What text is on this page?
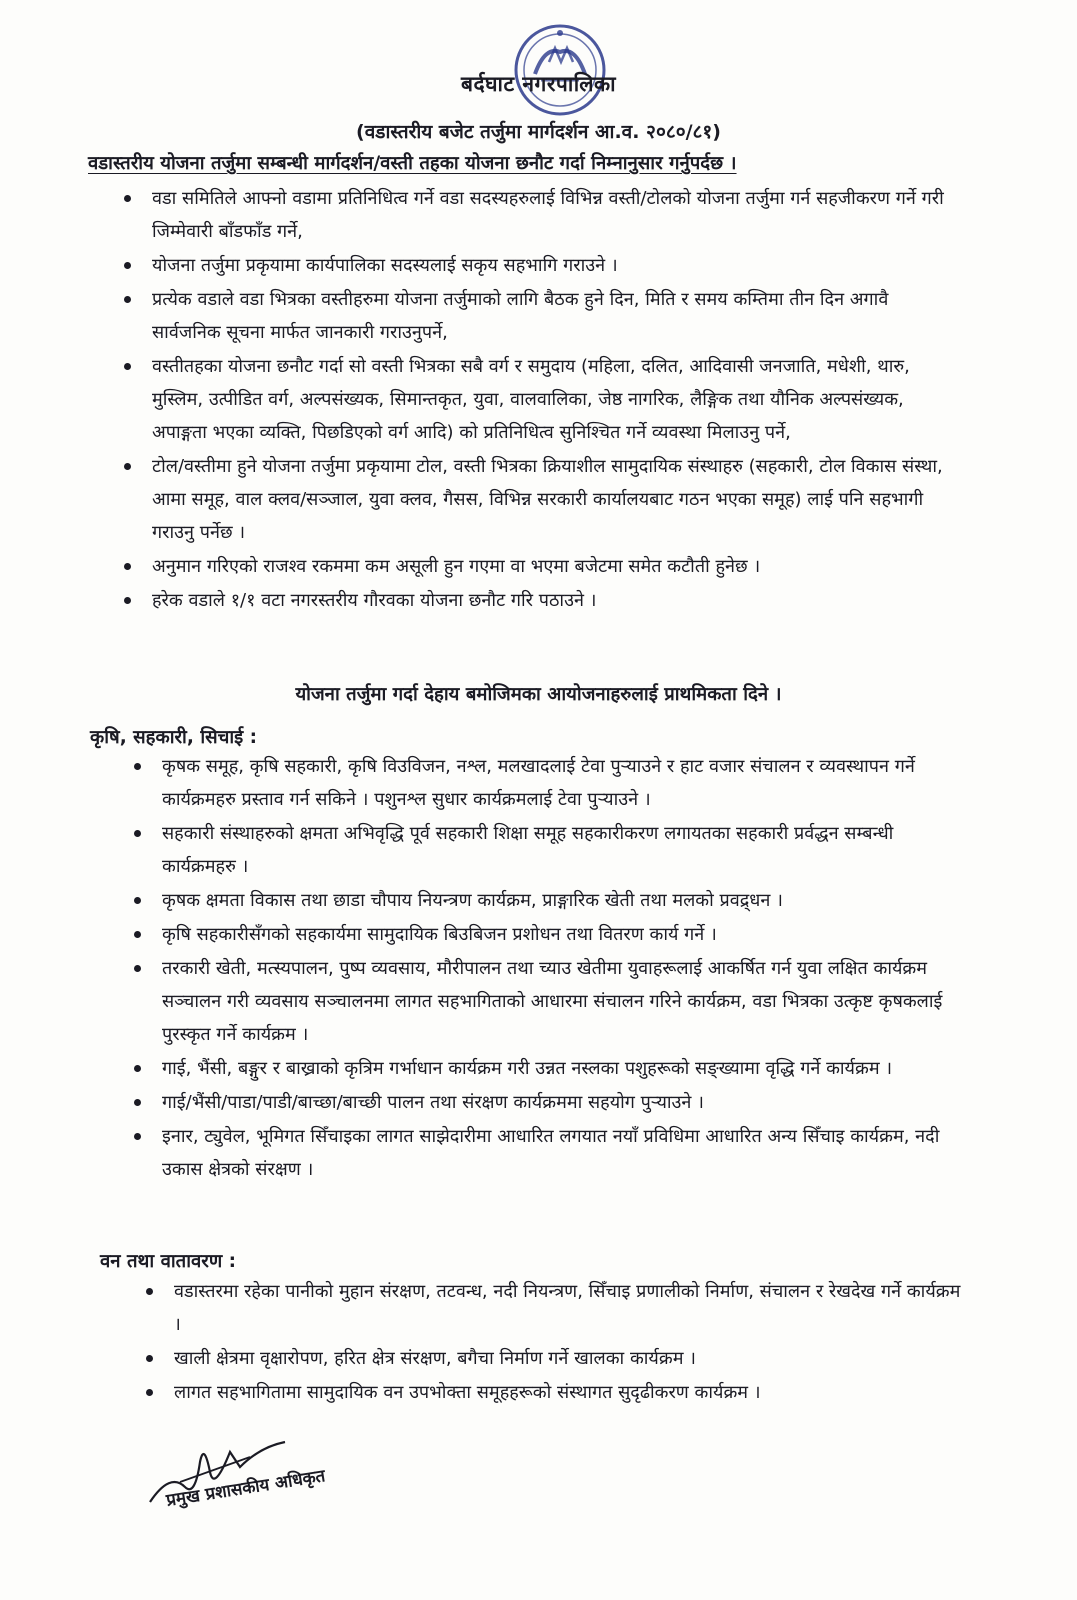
बर्दघाट नगरपालिका
(वडास्तरीय बजेट तर्जुमा मार्गदर्शन आ.व. २०८०/८१)
वडास्तरीय योजना तर्जुमा सम्बन्धी मार्गदर्शन/वस्ती तहका योजना छनौट गर्दा निम्नानुसार गर्नुपर्दछ ।
वडा समितिले आफ्नो वडामा प्रतिनिधित्व गर्ने वडा सदस्यहरुलाई विभिन्न वस्ती/टोलको योजना तर्जुमा गर्न सहजीकरण गर्ने गरी जिम्मेवारी बाँडफाँड गर्ने,
योजना तर्जुमा प्रकृयामा कार्यपालिका सदस्यलाई सकृय सहभागि गराउने ।
प्रत्येक वडाले वडा भित्रका वस्तीहरुमा योजना तर्जुमाको लागि बैठक हुने दिन, मिति र समय कम्तिमा तीन दिन अगावै सार्वजनिक सूचना मार्फत जानकारी गराउनुपर्ने,
वस्तीतहका योजना छनौट गर्दा सो वस्ती भित्रका सबै वर्ग र समुदाय (महिला, दलित, आदिवासी जनजाति, मधेशी, थारु, मुस्लिम, उत्पीडित वर्ग, अल्पसंख्यक, सिमान्तकृत, युवा, वालवालिका, जेष्ठ नागरिक, लैङ्गिक तथा यौनिक अल्पसंख्यक, अपाङ्गता भएका व्यक्ति, पिछडिएको वर्ग आदि) को प्रतिनिधित्व सुनिश्चित गर्ने व्यवस्था मिलाउनु पर्ने,
टोल/वस्तीमा हुने योजना तर्जुमा प्रकृयामा टोल, वस्ती भित्रका क्रियाशील सामुदायिक संस्थाहरु (सहकारी, टोल विकास संस्था, आमा समूह, वाल क्लव/सञ्जाल, युवा क्लव, गैसस, विभिन्न सरकारी कार्यालयबाट गठन भएका समूह) लाई पनि सहभागी गराउनु पर्नेछ ।
अनुमान गरिएको राजश्व रकममा कम असूली हुन गएमा वा भएमा बजेटमा समेत कटौती हुनेछ ।
हरेक वडाले १/१ वटा नगरस्तरीय गौरवका योजना छनौट गरि पठाउने ।
योजना तर्जुमा गर्दा देहाय बमोजिमका आयोजनाहरुलाई प्राथमिकता दिने ।
कृषि, सहकारी, सिचाई :
कृषक समूह, कृषि सहकारी, कृषि विउविजन, नश्ल, मलखादलाई टेवा पुऱ्याउने र हाट वजार संचालन र व्यवस्थापन गर्ने कार्यक्रमहरु प्रस्ताव गर्न सकिने । पशुनश्ल सुधार कार्यक्रमलाई टेवा पुऱ्याउने ।
सहकारी संस्थाहरुको क्षमता अभिवृद्धि पूर्व सहकारी शिक्षा समूह सहकारीकरण लगायतका सहकारी प्रर्वद्धन सम्बन्धी कार्यक्रमहरु ।
कृषक क्षमता विकास तथा छाडा चौपाय नियन्त्रण कार्यक्रम, प्राङ्गारिक खेती तथा मलको प्रवद्र्धन ।
कृषि सहकारीसँगको सहकार्यमा सामुदायिक बिउबिजन प्रशोधन तथा वितरण कार्य गर्ने ।
तरकारी खेती, मत्स्यपालन, पुष्प व्यवसाय, मौरीपालन तथा च्याउ खेतीमा युवाहरूलाई आकर्षित गर्न युवा लक्षित कार्यक्रम सञ्चालन गरी व्यवसाय सञ्चालनमा लागत सहभागिताको आधारमा संचालन गरिने कार्यक्रम, वडा भित्रका उत्कृष्ट कृषकलाई पुरस्कृत गर्ने कार्यक्रम ।
गाई, भैंसी, बङ्गुर र बाख्राको कृत्रिम गर्भाधान कार्यक्रम गरी उन्नत नस्लका पशुहरूको सङ्ख्यामा वृद्धि गर्ने कार्यक्रम ।
गाई/भैंसी/पाडा/पाडी/बाच्छा/बाच्छी पालन तथा संरक्षण कार्यक्रममा सहयोग पुऱ्याउने ।
इनार, ट्युवेल, भूमिगत सिँचाइका लागत साझेदारीमा आधारित लगयात नयाँ प्रविधिमा आधारित अन्य सिँचाइ कार्यक्रम, नदी उकास क्षेत्रको संरक्षण ।
वन तथा वातावरण :
वडास्तरमा रहेका पानीको मुहान संरक्षण, तटवन्ध, नदी नियन्त्रण, सिँचाइ प्रणालीको निर्माण, संचालन र रेखदेख गर्ने कार्यक्रम ।
खाली क्षेत्रमा वृक्षारोपण, हरित क्षेत्र संरक्षण, बगैचा निर्माण गर्ने खालका कार्यक्रम ।
लागत सहभागितामा सामुदायिक वन उपभोक्ता समूहहरूको संस्थागत सुदृढीकरण कार्यक्रम ।
प्रमुख प्रशासकीय अधिकृत
